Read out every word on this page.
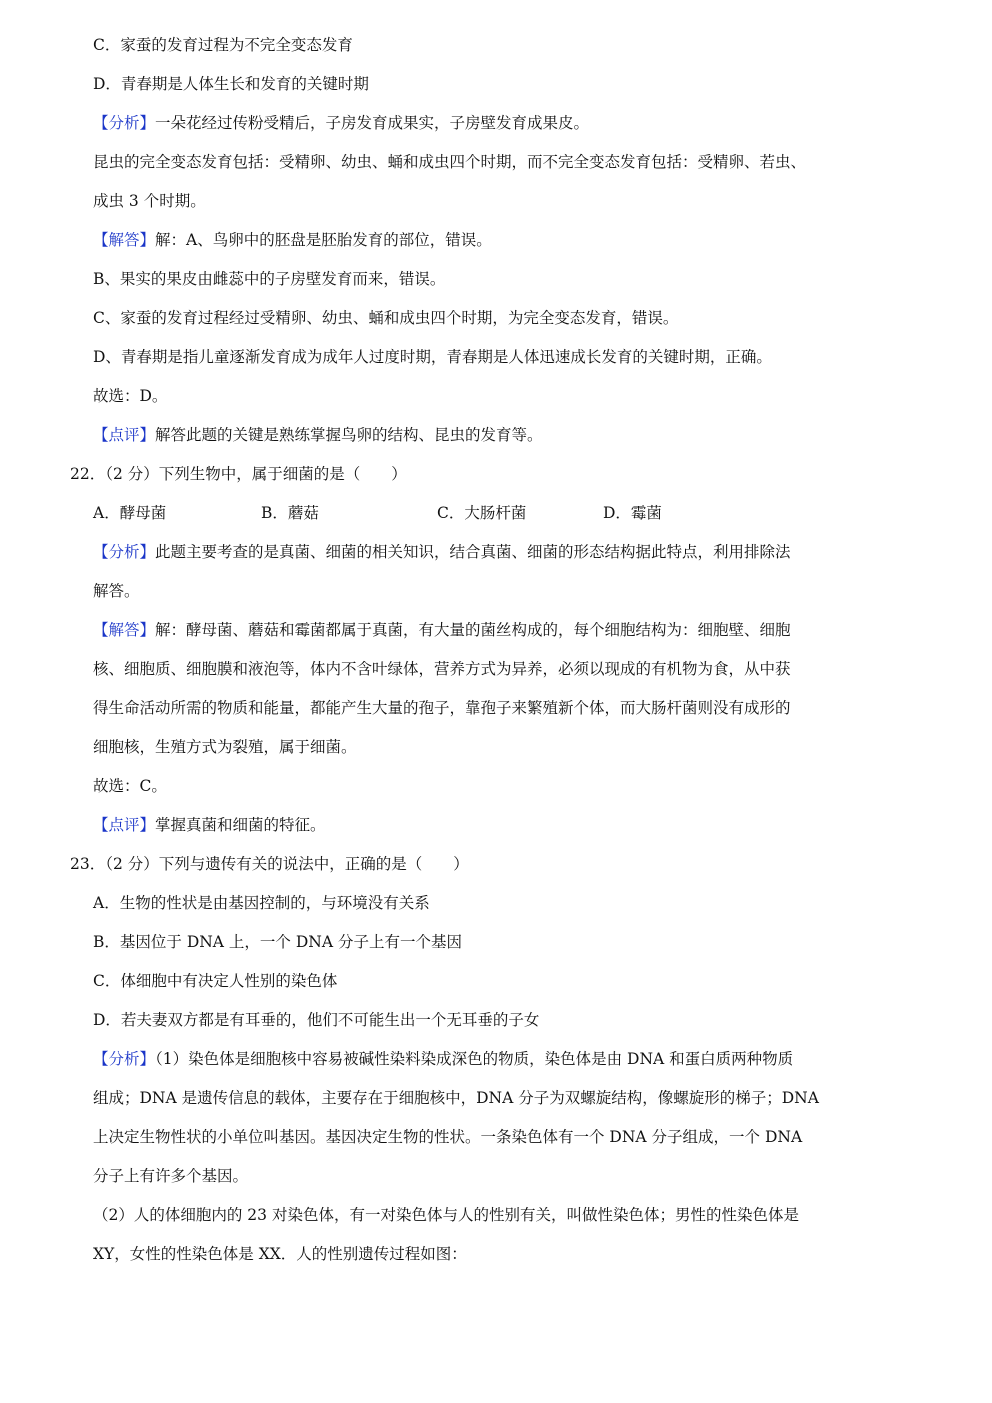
C．家蚕的发育过程为不完全变态发育
D．青春期是人体生长和发育的关键时期
【分析】一朵花经过传粉受精后，子房发育成果实，子房壁发育成果皮。
昆虫的完全变态发育包括：受精卵、幼虫、蛹和成虫四个时期，而不完全变态发育包括：受精卵、若虫、
成虫 3 个时期。
【解答】解：A、鸟卵中的胚盘是胚胎发育的部位，错误。
B、果实的果皮由雌蕊中的子房壁发育而来，错误。
C、家蚕的发育过程经过受精卵、幼虫、蛹和成虫四个时期，为完全变态发育，错误。
D、青春期是指儿童逐渐发育成为成年人过度时期，青春期是人体迅速成长发育的关键时期，正确。
故选：D。
【点评】解答此题的关键是熟练掌握鸟卵的结构、昆虫的发育等。
22．（2 分）下列生物中，属于细菌的是（　　）
A．酵母菌	B．蘑菇	C．大肠杆菌	D．霉菌
【分析】此题主要考查的是真菌、细菌的相关知识，结合真菌、细菌的形态结构据此特点，利用排除法
解答。
【解答】解：酵母菌、蘑菇和霉菌都属于真菌，有大量的菌丝构成的，每个细胞结构为：细胞壁、细胞
核、细胞质、细胞膜和液泡等，体内不含叶绿体，营养方式为异养，必须以现成的有机物为食，从中获
得生命活动所需的物质和能量，都能产生大量的孢子，靠孢子来繁殖新个体，而大肠杆菌则没有成形的
细胞核，生殖方式为裂殖，属于细菌。
故选：C。
【点评】掌握真菌和细菌的特征。
23．（2 分）下列与遗传有关的说法中，正确的是（　　）
A．生物的性状是由基因控制的，与环境没有关系
B．基因位于 DNA 上，一个 DNA 分子上有一个基因
C．体细胞中有决定人性别的染色体
D．若夫妻双方都是有耳垂的，他们不可能生出一个无耳垂的子女
【分析】（1）染色体是细胞核中容易被碱性染料染成深色的物质，染色体是由 DNA 和蛋白质两种物质
组成；DNA 是遗传信息的载体，主要存在于细胞核中，DNA 分子为双螺旋结构，像螺旋形的梯子；DNA
上决定生物性状的小单位叫基因。基因决定生物的性状。一条染色体有一个 DNA 分子组成，一个 DNA
分子上有许多个基因。
（2）人的体细胞内的 23 对染色体，有一对染色体与人的性别有关，叫做性染色体；男性的性染色体是
XY，女性的性染色体是 XX．人的性别遗传过程如图：
